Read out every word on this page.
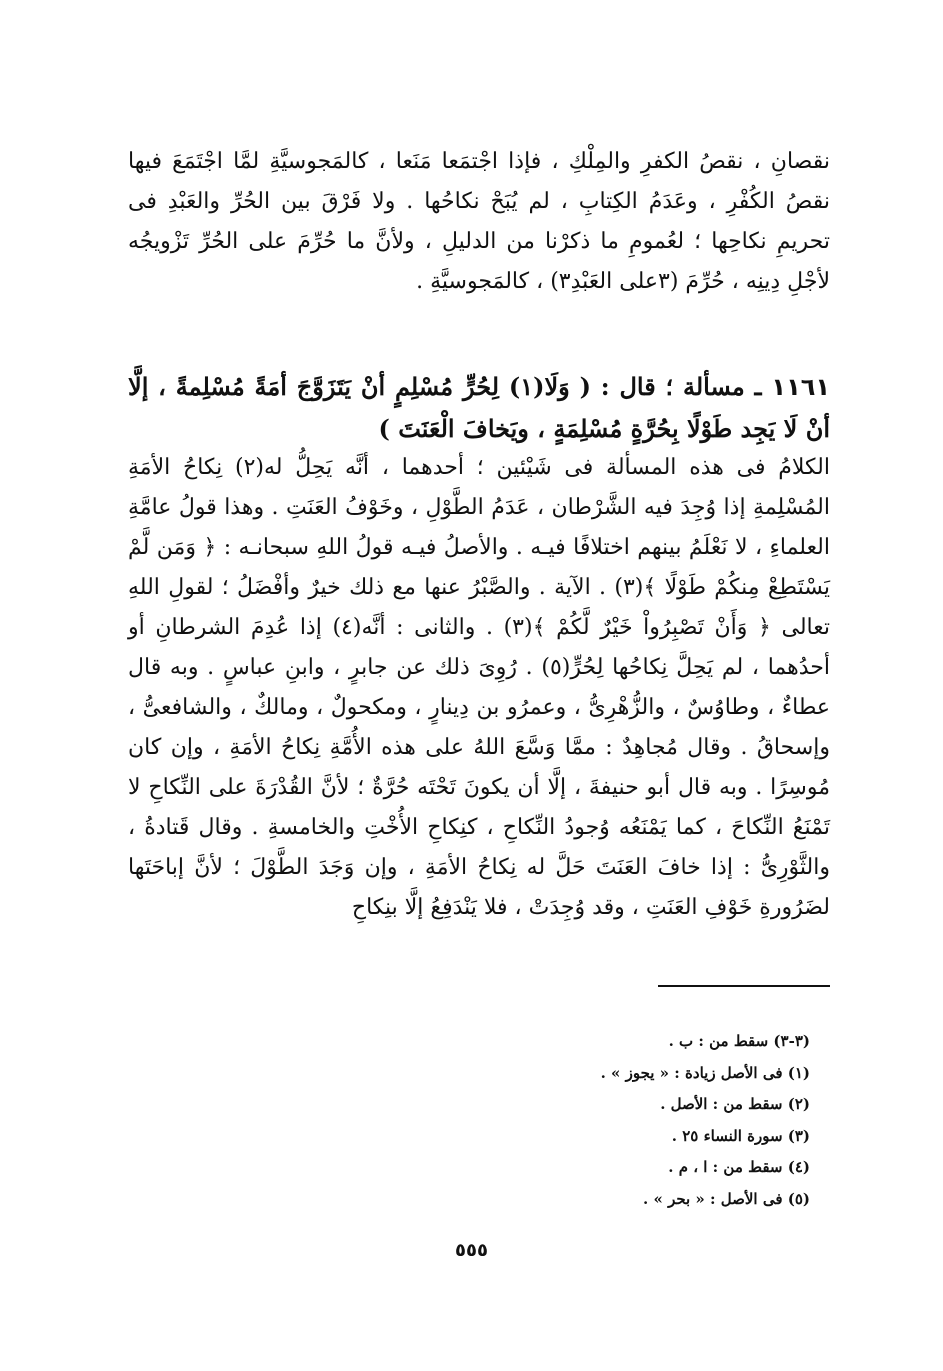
نقصانِ ، نقصُ الكفرِ والمِلْكِ ، فإذا اجْتمَعا مَنَعا ، كالمَجوسيَّةِ لمَّا اجْتَمَعَ فيها نقصُ الكُفْرِ ، وعَدَمُ الكِتابِ ، لم يُبَحْ نكاحُها . ولا فَرْقَ بين الحُرِّ والعَبْدِ فى تحريمِ نكاحِها ؛ لعُمومِ ما ذكرْنا من الدليلِ ، ولأنَّ ما حُرِّمَ على الحُرِّ تَزْويجُه لأجْلِ دِينِه ، حُرِّمَ (٣على العَبْدِ٣) ، كالمَجوسيَّةِ .

١١٦١ ـ مسألة ؛ قال : ( وَلَا(١) لِحُرٍّ مُسْلِمٍ أنْ يَتَزَوَّجَ أمَةً مُسْلِمةً ، إلَّا أنْ لَا يَجِد طَوْلًا بِحُرَّةٍ مُسْلِمَةٍ ، ويَخافَ الْعَنَتَ )

الكلامُ فى هذه المسألة فى شَيْئين ؛ أحدهما ، أنَّه يَحِلُّ له(٢) نِكاحُ الأمَةِ المُسْلِمةِ إذا وُجِدَ فيه الشَّرْطان ، عَدَمُ الطَّوْلِ ، وخَوْفُ العَنَتِ . وهذا قولُ عامَّةِ العلماءِ ، لا نَعْلَمُ بينهم اختلافًا فيـه . والأصلُ فيـه قولُ اللهِ سبحانـه : ﴿ وَمَن لَّمْ يَسْتَطِعْ مِنكُمْ طَوْلًا ﴾(٣) . الآية . والصَّبْرُ عنها مع ذلك خيرٌ وأفْضَلُ ؛ لقولِ اللهِ تعالى ﴿ وَأَنْ تَصْبِرُواْ خَيْرٌ لَّكُمْ ﴾(٣) . والثانى : أنَّه(٤) إذا عُدِمَ الشرطانِ أو أحدُهما ، لم يَحِلَّ نِكاحُها لِحُرٍّ(٥) . رُوِىَ ذلك عن جابرٍ ، وابنِ عباسٍ . وبه قال عطاءٌ ، وطاوُسٌ ، والزُّهْرِىُّ ، وعمرُو بن دِينارٍ ، ومكحولٌ ، ومالكٌ ، والشافعىُّ ، وإسحاقُ . وقال مُجاهِدٌ : ممَّا وَسَّعَ اللهُ على هذه الأُمَّةِ نِكاحُ الأمَةِ ، وإن كان مُوسِرًا . وبه قال أبو حنيفةَ ، إلَّا أن يكونَ تَحْتَه حُرَّةٌ ؛ لأنَّ القُدْرَةَ على النِّكاحِ لا تَمْنَعُ النِّكاحَ ، كما يَمْنَعُه وُجودُ النِّكاحِ ، كنِكاحِ الأُخْتِ والخامسةِ . وقال قَتادةُ ، والثَّوْرِىُّ : إذا خافَ العَنَتَ حَلَّ له نِكاحُ الأمَةِ ، وإن وَجَدَ الطَّوْلَ ؛ لأنَّ إباحَتَها لضَرُورةِ خَوْفِ العَنَتِ ، وقد وُجِدَتْ ، فلا يَنْدَفِعُ إلَّا بنِكاحِ

(٣-٣) سقط من : ب .
(١) فى الأصل زيادة : « يجوز » .
(٢) سقط من : الأصل .
(٣) سورة النساء ٢٥ .
(٤) سقط من : ا ، م .
(٥) فى الأصل : « بحر » .
٥٥٥
